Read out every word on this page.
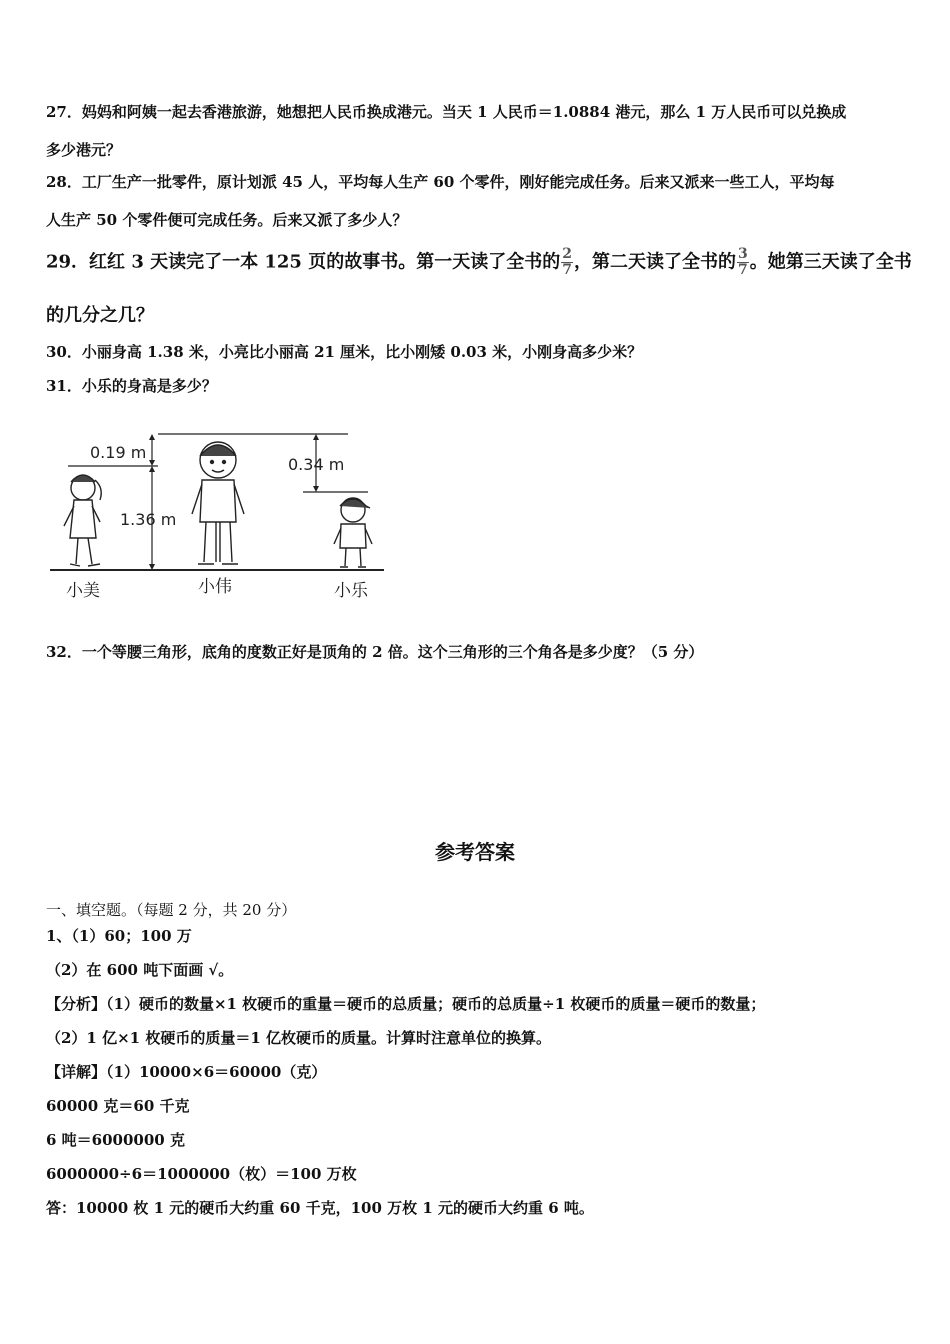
27．妈妈和阿姨一起去香港旅游，她想把人民币换成港元。当天 1 人民币＝1.0884 港元，那么 1 万人民币可以兑换成
多少港元？
28．工厂生产一批零件，原计划派 45 人，平均每人生产 60 个零件，刚好能完成任务。后来又派来一些工人，平均每
人生产 50 个零件便可完成任务。后来又派了多少人？
29．红红 3 天读完了一本 125 页的故事书。第一天读了全书的 $\frac{2}{7}$ ，第二天读了全书的 $\frac{3}{7}$ 。她第三天读了全书
的几分之几？
30．小丽身高 1.38 米，小亮比小丽高 21 厘米，比小刚矮 0.03 米，小刚身高多少米？
31．小乐的身高是多少？
0.19 m
1.36 m
0.34 m
小美	小伟	小乐
32．一个等腰三角形，底角的度数正好是顶角的 2 倍。这个三角形的三个角各是多少度？（5 分）
参考答案
一、填空题。（每题 2 分，共 20 分）
1、（1）60；100 万
（2）在 600 吨下面画 √。
【分析】（1）硬币的数量×1 枚硬币的重量＝硬币的总质量；硬币的总质量÷1 枚硬币的质量＝硬币的数量；
（2）1 亿×1 枚硬币的质量＝1 亿枚硬币的质量。计算时注意单位的换算。
【详解】（1）10000×6＝60000（克）
60000 克＝60 千克
6 吨＝6000000 克
6000000÷6＝1000000（枚）＝100 万枚
答：10000 枚 1 元的硬币大约重 60 千克，100 万枚 1 元的硬币大约重 6 吨。
